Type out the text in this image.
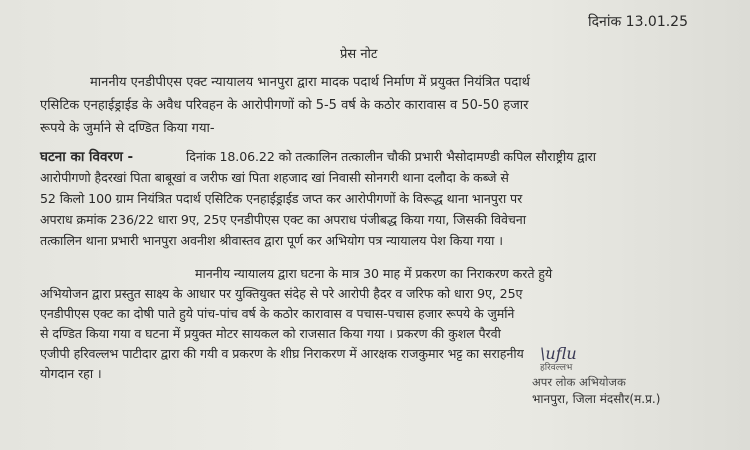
दिनांक 13.01.25
प्रेस नोट
माननीय एनडीपीएस एक्ट न्यायालय भानपुरा द्वारा मादक पदार्थ निर्माण में प्रयुक्त नियंत्रित पदार्थ
एसिटिक एनहाईड्राईड के अवैध परिवहन के आरोपीगणों को 5-5 वर्ष के कठोर कारावास व 50-50 हजार
रूपये के जुर्माने से दण्डित किया गया-
घटना का विवरण -	दिनांक 18.06.22 को तत्कालिन तत्कालीन चौकी प्रभारी भैसोदामण्डी कपिल सौराष्ट्रीय द्वारा
आरोपीगणो हैदरखां पिता बाबूखां व जरीफ खां पिता शहजाद खां निवासी सोनगरी थाना दलौदा के कब्जे से
52 किलो 100 ग्राम नियंत्रित पदार्थ एसिटिक एनहाईड्राईड जप्त कर आरोपीगणों के विरूद्ध थाना भानपुरा पर
अपराध क्रमांक 236/22 धारा 9ए, 25ए एनडीपीएस एक्ट का अपराध पंजीबद्ध किया गया, जिसकी विवेचना
तत्कालिन थाना प्रभारी भानपुरा अवनीश श्रीवास्तव द्वारा पूर्ण कर अभियोग पत्र न्यायालय पेश किया गया ।
माननीय न्यायालय द्वारा घटना के मात्र 30 माह में प्रकरण का निराकरण करते हुये
अभियोजन द्वारा प्रस्तुत साक्ष्य के आधार पर युक्तियुक्त संदेह से परे आरोपी हैदर व जरिफ को धारा 9ए, 25ए
एनडीपीएस एक्ट का दोषी पाते हुये पांच-पांच वर्ष के कठोर कारावास व पचास-पचास हजार रूपये के जुर्माने
से दण्डित किया गया व घटना में प्रयुक्त मोटर सायकल को राजसात किया गया । प्रकरण की कुशल पैरवी
एजीपी हरिवल्लभ पाटीदार द्वारा की गयी व प्रकरण के शीघ्र निराकरण में आरक्षक राजकुमार भट्ट का सराहनीय
योगदान रहा ।
\uflu
हरिवल्लभ
अपर लोक अभियोजक
भानपुरा, जिला मंदसौर(म.प्र.)
